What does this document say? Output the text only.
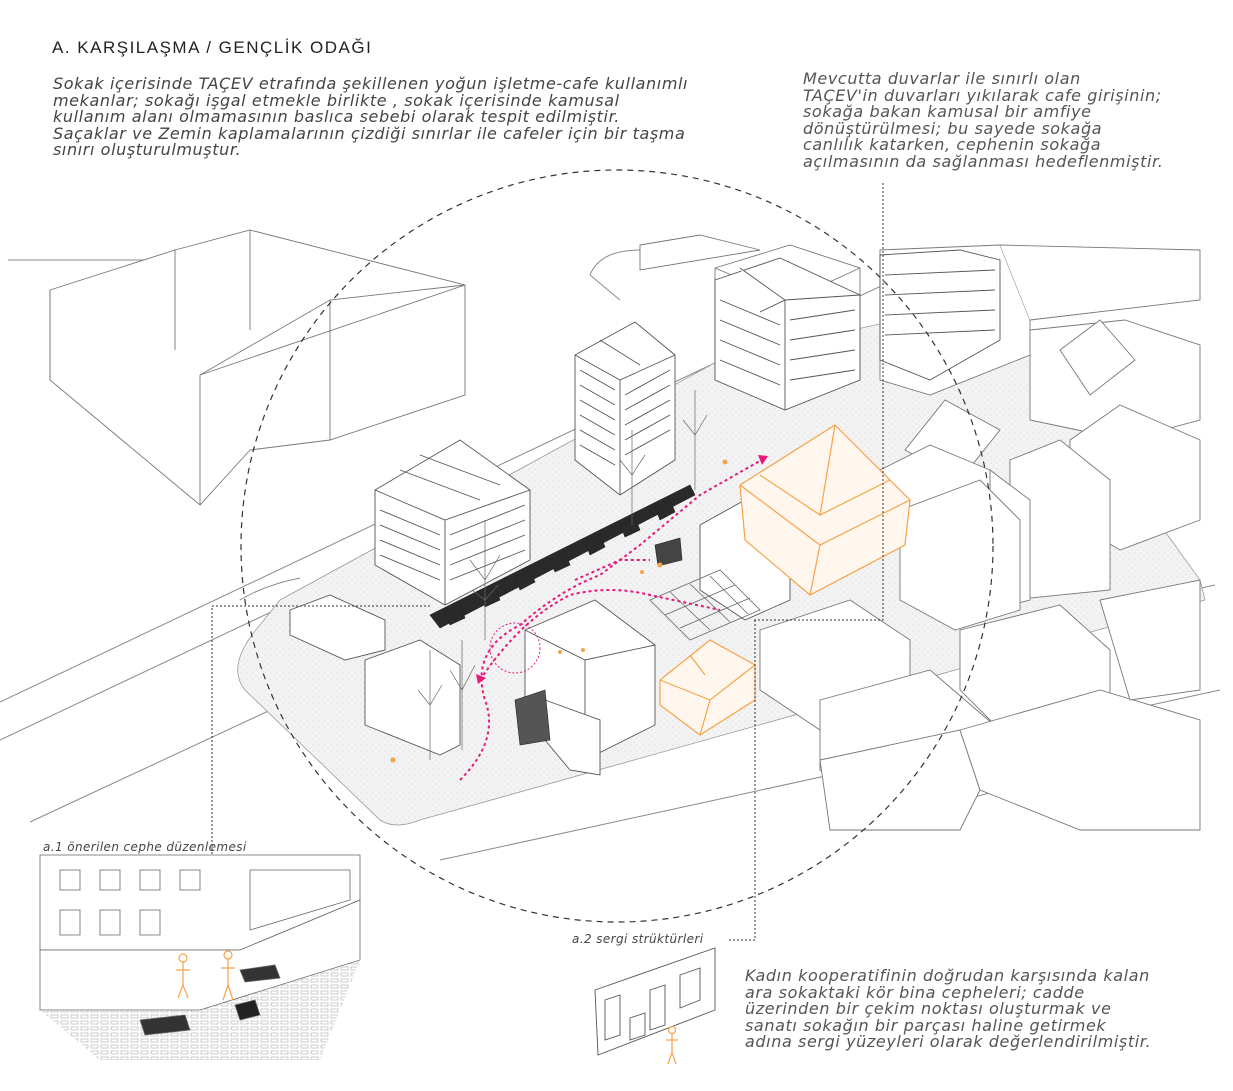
A. KARŞILAŞMA / GENÇLİK ODAĞI
Sokak içerisinde TAÇEV etrafında şekillenen yoğun işletme-cafe kullanımlı
mekanlar; sokağı işgal etmekle birlikte , sokak içerisinde kamusal
kullanım alanı olmamasının baslıca sebebi olarak tespit edilmiştir.
Saçaklar ve Zemin kaplamalarının çizdiği sınırlar ile cafeler için bir taşma
sınırı oluşturulmuştur.
Mevcutta duvarlar ile sınırlı olan
TAÇEV'in duvarları yıkılarak cafe girişinin;
sokağa bakan kamusal bir amfiye
dönüştürülmesi; bu sayede sokağa
canlılık katarken, cephenin sokağa
açılmasının da sağlanması hedeflenmiştir.
a.1 önerilen cephe düzenlemesi
a.2 sergi strüktürleri
Kadın kooperatifinin doğrudan karşısında kalan
ara sokaktaki kör bina cepheleri; cadde
üzerinden bir çekim noktası oluşturmak ve
sanatı sokağın bir parçası haline getirmek
adına sergi yüzeyleri olarak değerlendirilmiştir.
